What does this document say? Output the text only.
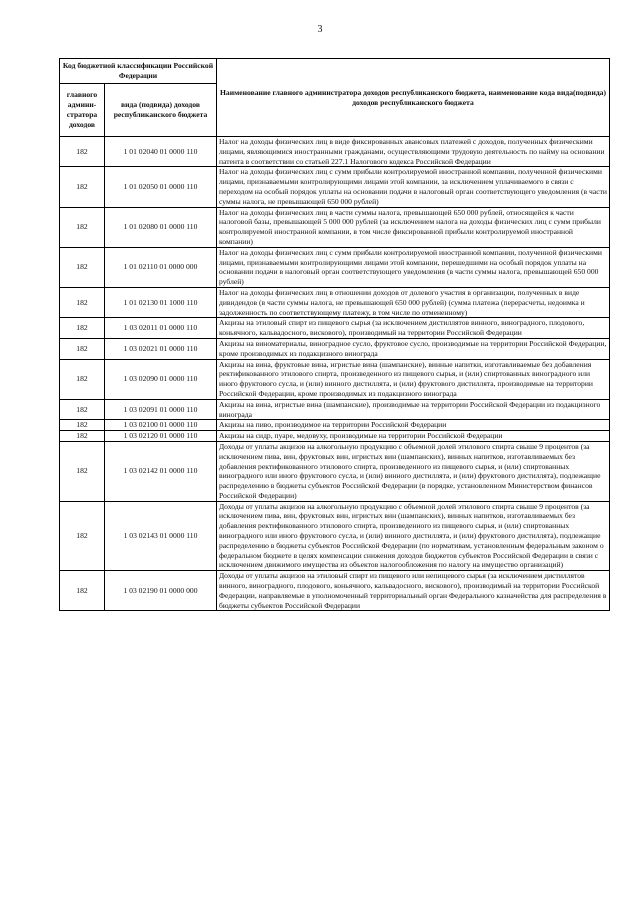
3
Код бюджетной классификации Российской Федерации		Наименование главного администратора доходов республиканского бюджета, наименование кода вида(подвида) доходов республиканского бюджета
главного админи-стратора доходов	вида (подвида) доходов республиканского бюджета	
182	1 01 02040 01 0000 110	Налог на доходы физических лиц в виде фиксированных авансовых платежей с доходов, полученных физическими лицами, являющимися иностранными гражданами, осуществляющими трудовую деятельность по найму на основании патента в соответствии со статьей 227.1 Налогового кодекса Российской Федерации
182	1 01 02050 01 0000 110	Налог на доходы физических лиц с сумм прибыли контролируемой иностранной компании, полученной физическими лицами, признаваемыми контролирующими лицами этой компании, за исключением уплачиваемого в связи с переходом на особый порядок уплаты на основании подачи в налоговый орган соответствующего уведомления (в части суммы налога, не превышающей 650 000 рублей)
182	1 01 02080 01 0000 110	Налог на доходы физических лиц в части суммы налога, превышающей 650 000 рублей, относящейся к части налоговой базы, превышающей 5 000 000 рублей (за исключением налога на доходы физических лиц с сумм прибыли контролируемой иностранной компании, в том числе фиксированной прибыли контролируемой иностранной компании)
182	1 01 02110 01 0000 000	Налог на доходы физических лиц с сумм прибыли контролируемой иностранной компании, полученной физическими лицами, признаваемыми контролирующими лицами этой компании, перешедшими на особый порядок уплаты на основании подачи в налоговый орган соответствующего уведомления (в части суммы налога, превышающей 650 000 рублей)
182	1 01 02130 01 1000 110	Налог на доходы физических лиц в отношении доходов от долевого участия в организации, полученных в виде дивидендов (в части суммы налога, не превышающей 650 000 рублей) (сумма платежа (перерасчеты, недоимка и задолженность по соответствующему платежу, в том числе по отмененному)
182	1 03 02011 01 0000 110	Акцизы на этиловый спирт из пищевого сырья (за исключением дистиллятов винного, виноградного, плодового, коньячного, кальвадосного, вискового), производимый на территории Российской Федерации
182	1 03 02021 01 0000 110	Акцизы на виноматериалы, виноградное сусло, фруктовое сусло, производимые на территории Российской Федерации, кроме производимых из подакцизного винограда
182	1 03 02090 01 0000 110	Акцизы на вина, фруктовые вина, игристые вина (шампанские), винные напитки, изготавливаемые без добавления ректификованного этилового спирта, произведенного из пищевого сырья, и (или) спиртованных виноградного или иного фруктового сусла, и (или) винного дистиллята, и (или) фруктового дистиллята, производимые на территории Российской Федерации, кроме производимых из подакцизного винограда
182	1 03 02091 01 0000 110	Акцизы на вина, игристые вина (шампанские), производимые на территории Российской Федерации из подакцизного винограда
182	1 03 02100 01 0000 110	Акцизы на пиво, производимое на территории Российской Федерации
182	1 03 02120 01 0000 110	Акцизы на сидр, пуаре, медовуху, производимые на территории Российской Федерации
182	1 03 02142 01 0000 110	Доходы от уплаты акцизов на алкогольную продукцию с объемной долей этилового спирта свыше 9 процентов (за исключением пива, вин, фруктовых вин, игристых вин (шампанских), винных напитков, изготавливаемых без добавления ректификованного этилового спирта, произведенного из пищевого сырья, и (или) спиртованных виноградного или иного фруктового сусла, и (или) винного дистиллята, и (или) фруктового дистиллята), подлежащие распределению в бюджеты субъектов Российской Федерации (в порядке, установленном Министерством финансов Российской Федерации)
182	1 03 02143 01 0000 110	Доходы от уплаты акцизов на алкогольную продукцию с объемной долей этилового спирта свыше 9 процентов (за исключением пива, вин, фруктовых вин, игристых вин (шампанских), винных напитков, изготавливаемых без добавления ректификованного этилового спирта, произведенного из пищевого сырья, и (или) спиртованных виноградного или иного фруктового сусла, и (или) винного дистиллята, и (или) фруктового дистиллята), подлежащие распределению в бюджеты субъектов Российской Федерации (по нормативам, установленным федеральным законом о федеральном бюджете в целях компенсации снижения доходов бюджетов субъектов Российской Федерации в связи с исключением движимого имущества из объектов налогообложения по налогу на имущество организаций)
182	1 03 02190 01 0000 000	Доходы от уплаты акцизов на этиловый спирт из пищевого или непищевого сырья (за исключением дистиллятов винного, виноградного, плодового, коньячного, кальвадосного, вискового), производимый на территории Российской Федерации, направляемые в уполномоченный территориальный орган Федерального казначейства для распределения в бюджеты субъектов Российской Федерации
